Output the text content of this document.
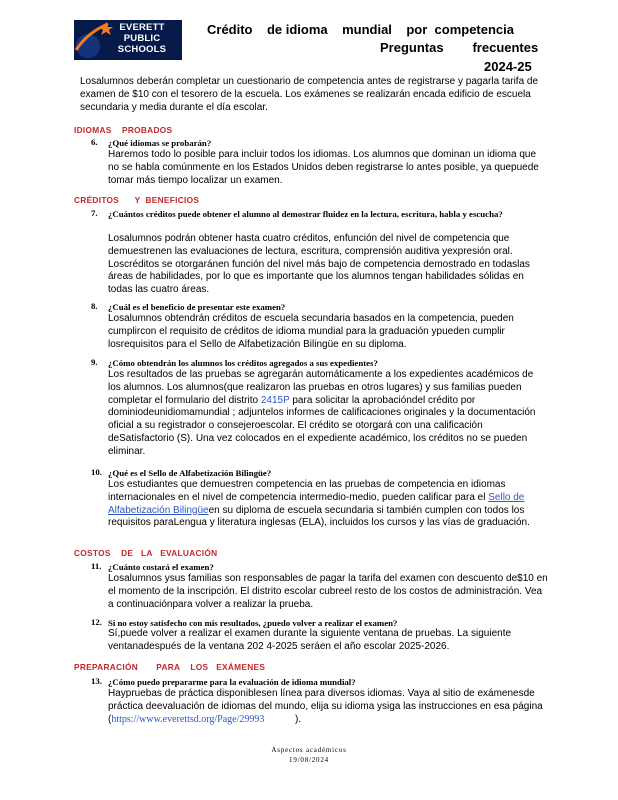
EVERETT
PUBLIC
SCHOOLS
Crédito    de idioma    mundial    por  competencia
Preguntas        frecuentes
2024-25
Losalumnos deberán completar un cuestionario de competencia antes de registrarse y pagarla tarifa de examen de $10 con el tesorero de la escuela. Los exámenes se realizarán encada edificio de escuela secundaria y media durante el día escolar.
IDIOMAS    PROBADOS
6. ¿Qué idiomas se probarán?
Haremos todo lo posible para incluir todos los idiomas. Los alumnos que dominan un idioma que no se habla comúnmente en los Estados Unidos deben registrarse lo antes posible, ya quepuede tomar más tiempo localizar un examen.
CRÉDITOS      Y  BENEFICIOS
7. ¿Cuántos créditos puede obtener el alumno al demostrar fluidez en la lectura, escritura, habla y escucha?
Losalumnos podrán obtener hasta cuatro créditos, enfunción del nivel de competencia que demuestrenen las evaluaciones de lectura, escritura, comprensión auditiva yexpresión oral. Loscréditos se otorgaránen función del nivel más bajo de competencia demostrado en todaslas áreas de habilidades, por lo que es importante que los alumnos tengan habilidades sólidas en todas las cuatro áreas.
8. ¿Cuál es el beneficio de presentar este examen?
Losalumnos obtendrán créditos de escuela secundaria basados en la competencia, pueden cumplircon el requisito de créditos de idioma mundial para la graduación ypueden cumplir losrequisitos para el Sello de Alfabetización Bilingüe en su diploma.
9. ¿Cómo obtendrán los alumnos los créditos agregados a sus expedientes?
Los resultados de las pruebas se agregarán automáticamente a los expedientes académicos de los alumnos. Los alumnos(que realizaron las pruebas en otros lugares) y sus familias pueden completar el formulario del distrito 2415P para solicitar la aprobacióndel crédito por dominiodeunidiomamundial ; adjuntelos informes de calificaciones originales y la documentación oficial a su registrador o consejeroescolar. El crédito se otorgará con una calificación deSatisfactorio (S). Una vez colocados en el expediente académico, los créditos no se pueden eliminar.
10. ¿Qué es el Sello de Alfabetización Bilingüe?
Los estudiantes que demuestren competencia en las pruebas de competencia en idiomas internacionales en el nivel de competencia intermedio-medio, pueden calificar para el Sello de Alfabetización Bilingüeen su diploma de escuela secundaria si también cumplen con todos los requisitos paraLengua y literatura inglesas (ELA), incluidos los cursos y las vías de graduación.
COSTOS    DE   LA   EVALUACIÓN
11. ¿Cuánto costará el examen?
Losalumnos ysus familias son responsables de pagar la tarifa del examen con descuento de$10 en el momento de la inscripción. El distrito escolar cubreel resto de los costos de administración. Vea a continuaciónpara volver a realizar la prueba.
12. Si no estoy satisfecho con mis resultados, ¿puedo volver a realizar el examen?
Sí,puede volver a realizar el examen durante la siguiente ventana de pruebas. La siguiente ventanadespués de la ventana 202 4-2025 seráen el año escolar 2025-2026.
PREPARACIÓN       PARA    LOS   EXÁMENES
13. ¿Cómo puedo prepararme para la evaluación de idioma mundial?
Haypruebas de práctica disponiblesen línea para diversos idiomas. Vaya al sitio de exámenesde práctica deevaluación de idiomas del mundo, elija su idioma ysiga las instrucciones en esa página (https://www.everettsd.org/Page/29993           ).
Aspectos académicos
19/08/2024
